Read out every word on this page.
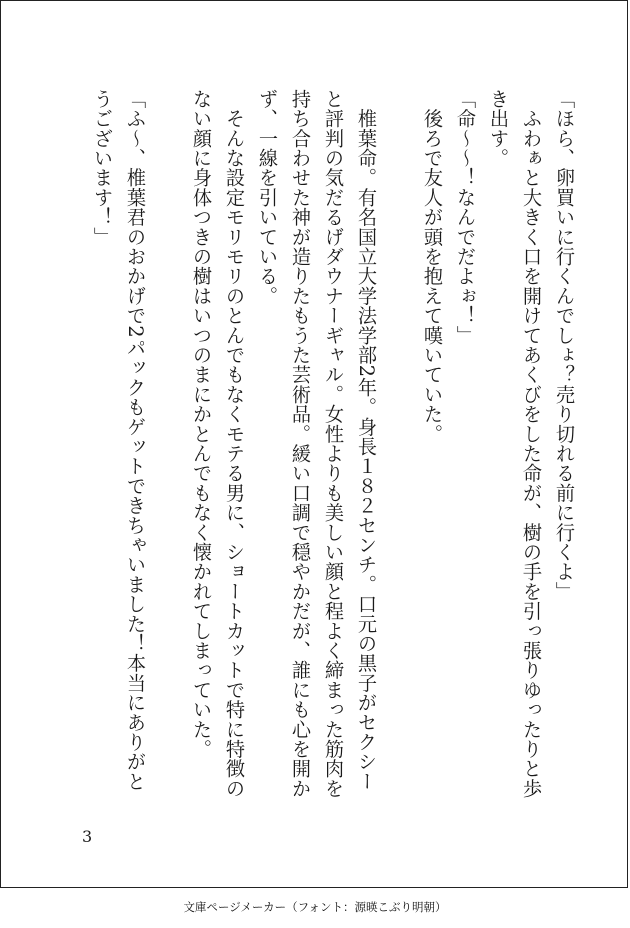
「ほら、卵買いに行くんでしょ？売り切れる前に行くよ」
　ふわぁと大きく口を開けてあくびをした命が、樹の手を引っ張りゆったりと歩
き出す。
「命〜〜！なんでだよぉ！」
　後ろで友人が頭を抱えて嘆いていた。
　椎葉命。有名国立大学法学部2年。身長１８２センチ。口元の黒子がセクシー
と評判の気だるげダウナーギャル。女性よりも美しい顔と程よく締まった筋肉を
持ち合わせた神が造りたもうた芸術品。緩い口調で穏やかだが、誰にも心を開か
ず、一線を引いている。
　そんな設定モリモリのとんでもなくモテる男に、ショートカットで特に特徴の
ない顔に身体つきの樹はいつのまにかとんでもなく懐かれてしまっていた。
「ふ〜、椎葉君のおかげで2パックもゲットできちゃいました！本当にありがと
うございます！」
3
文庫ページメーカー（フォント：源暎こぶり明朝）
